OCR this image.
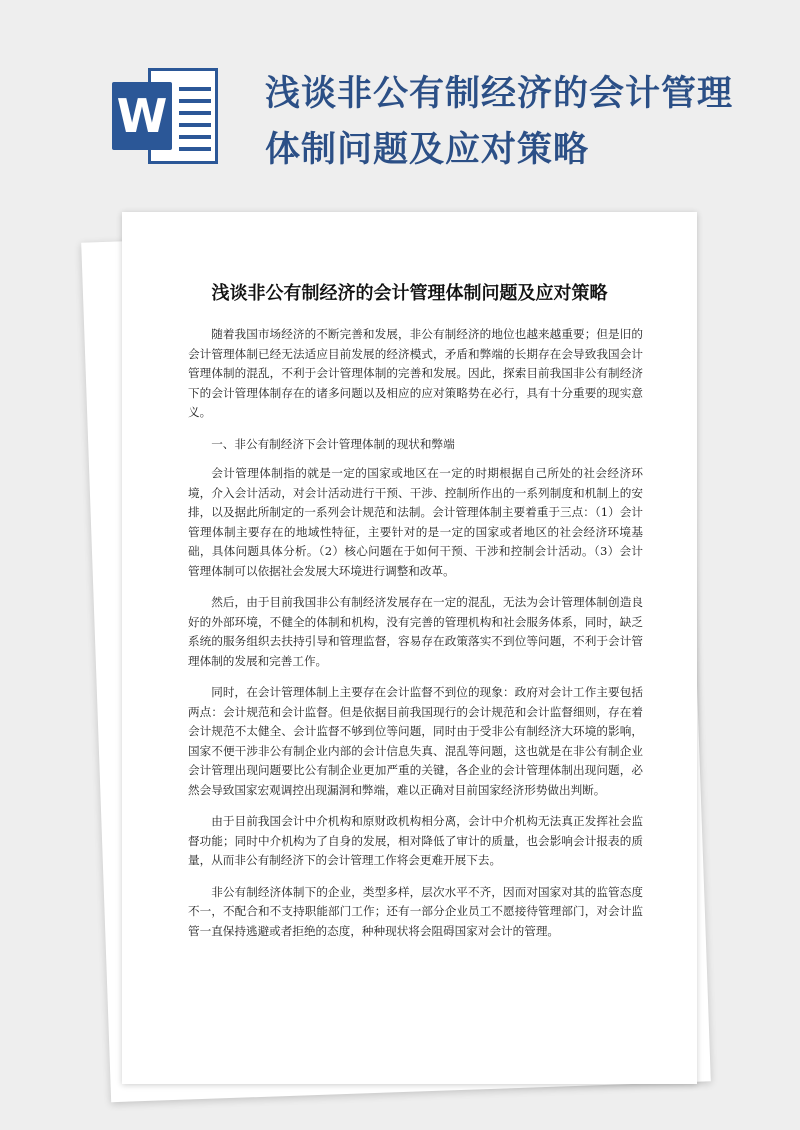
W	浅谈非公有制经济的会计管理
体制问题及应对策略
浅谈非公有制经济的会计管理体制问题及应对策略

随着我国市场经济的不断完善和发展，非公有制经济的地位也越来越重要；但是旧的会计管理体制已经无法适应目前发展的经济模式，矛盾和弊端的长期存在会导致我国会计管理体制的混乱，不利于会计管理体制的完善和发展。因此，探索目前我国非公有制经济下的会计管理体制存在的诸多问题以及相应的应对策略势在必行，具有十分重要的现实意义。

一、非公有制经济下会计管理体制的现状和弊端

会计管理体制指的就是一定的国家或地区在一定的时期根据自己所处的社会经济环境，介入会计活动，对会计活动进行干预、干涉、控制所作出的一系列制度和机制上的安排，以及据此所制定的一系列会计规范和法制。会计管理体制主要着重于三点：（1）会计管理体制主要存在的地域性特征，主要针对的是一定的国家或者地区的社会经济环境基础，具体问题具体分析。（2）核心问题在于如何干预、干涉和控制会计活动。（3）会计管理体制可以依据社会发展大环境进行调整和改革。

然后，由于目前我国非公有制经济发展存在一定的混乱，无法为会计管理体制创造良好的外部环境，不健全的体制和机构，没有完善的管理机构和社会服务体系，同时，缺乏系统的服务组织去扶持引导和管理监督，容易存在政策落实不到位等问题，不利于会计管理体制的发展和完善工作。

同时，在会计管理体制上主要存在会计监督不到位的现象：政府对会计工作主要包括两点：会计规范和会计监督。但是依据目前我国现行的会计规范和会计监督细则，存在着会计规范不太健全、会计监督不够到位等问题，同时由于受非公有制经济大环境的影响，国家不便干涉非公有制企业内部的会计信息失真、混乱等问题，这也就是在非公有制企业会计管理出现问题要比公有制企业更加严重的关键，各企业的会计管理体制出现问题，必然会导致国家宏观调控出现漏洞和弊端，难以正确对目前国家经济形势做出判断。

由于目前我国会计中介机构和原财政机构相分离，会计中介机构无法真正发挥社会监督功能；同时中介机构为了自身的发展，相对降低了审计的质量，也会影响会计报表的质量，从而非公有制经济下的会计管理工作将会更难开展下去。

非公有制经济体制下的企业，类型多样，层次水平不齐，因而对国家对其的监管态度不一，不配合和不支持职能部门工作；还有一部分企业员工不愿接待管理部门，对会计监管一直保持逃避或者拒绝的态度，种种现状将会阻碍国家对会计的管理。
